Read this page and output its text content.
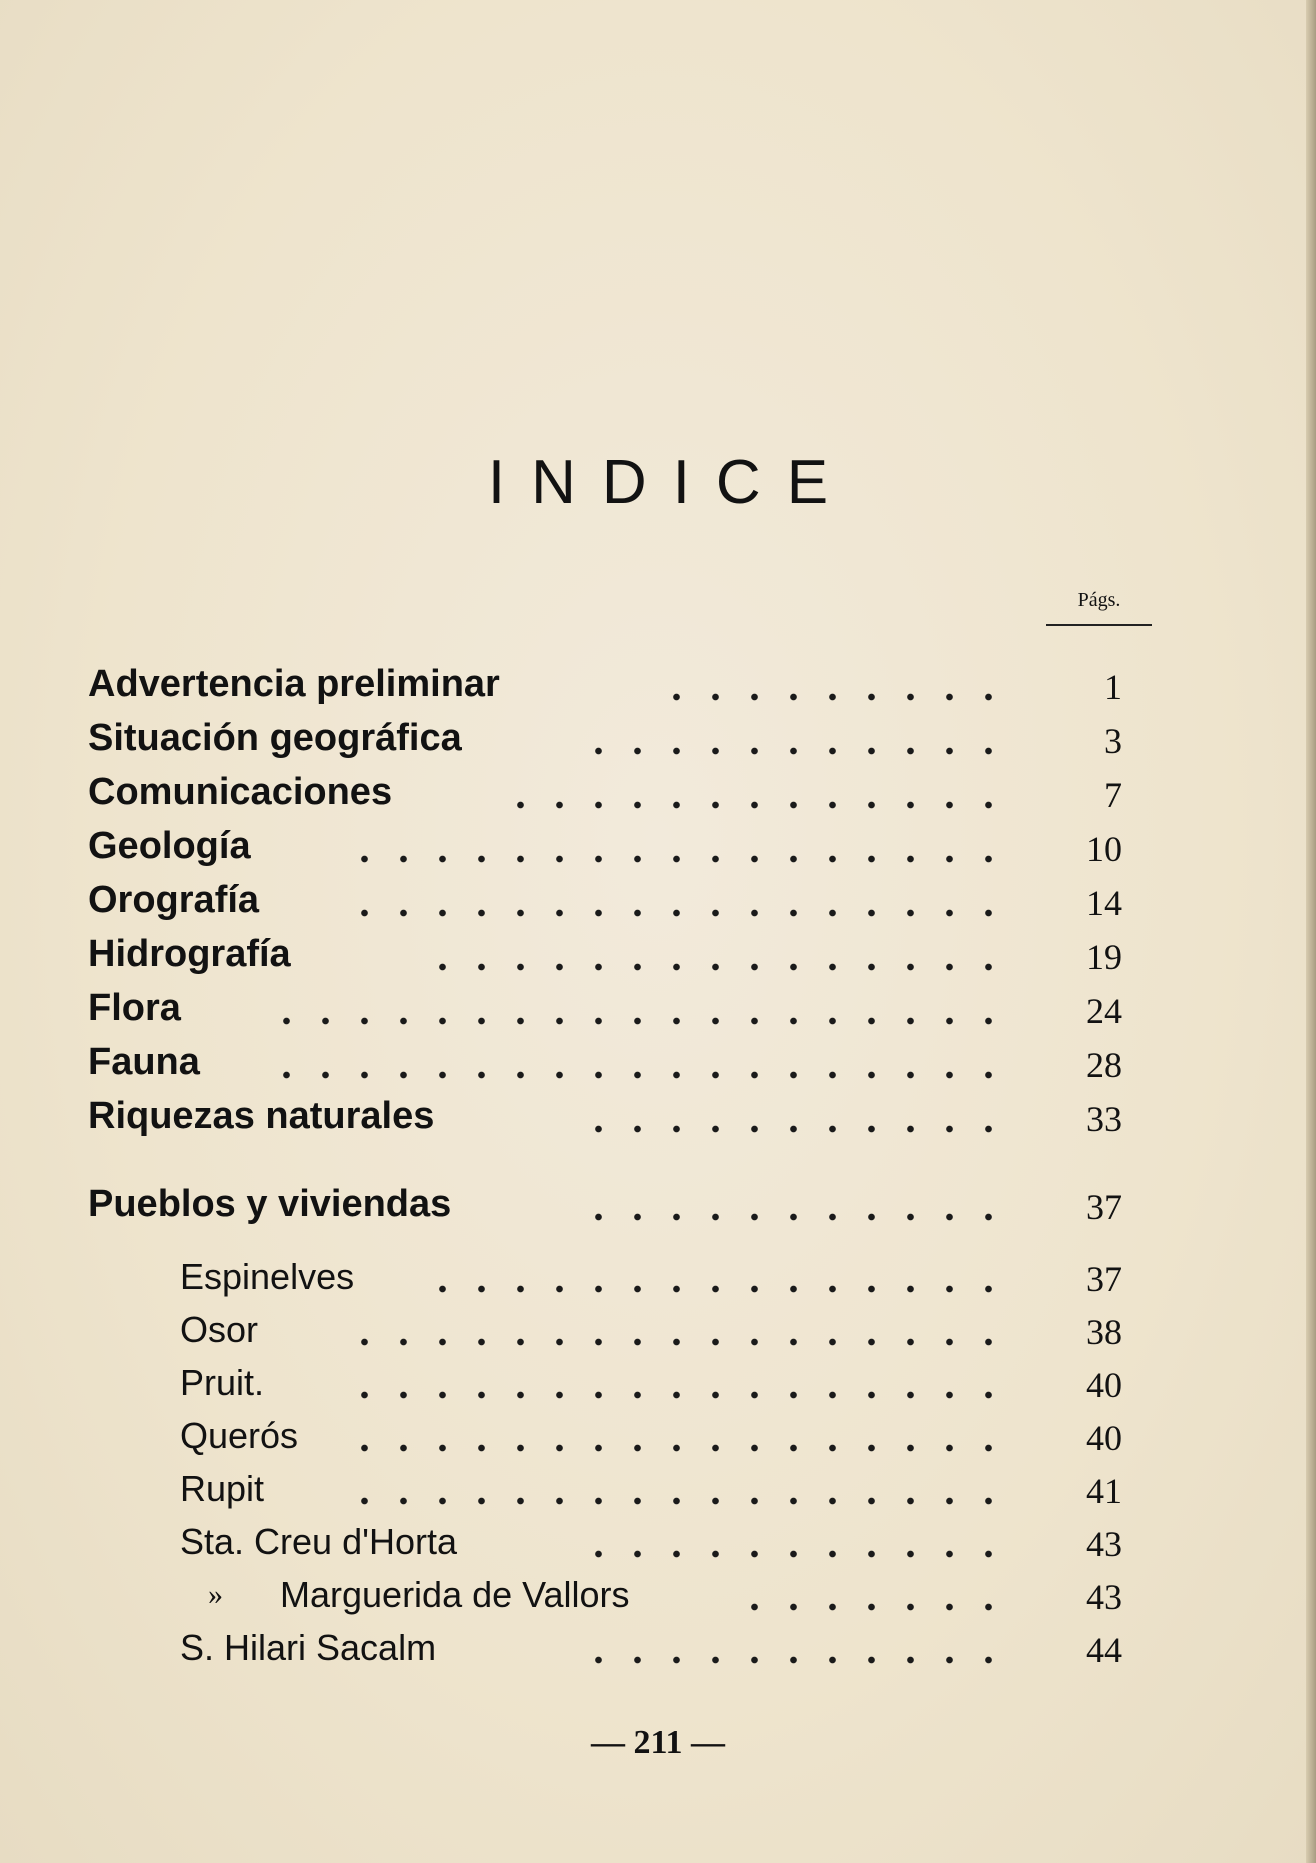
INDICE
Págs.
Advertencia preliminar	1
Situación geográfica	3
Comunicaciones	7
Geología	10
Orografía	14
Hidrografía	19
Flora	24
Fauna	28
Riquezas naturales	33
Pueblos y viviendas	37
Espinelves	37
Osor	38
Pruit.	40
Querós	40
Rupit	41
Sta. Creu d'Horta	43
» Marguerida de Vallors	43
S. Hilari Sacalm	44
— 211 —
